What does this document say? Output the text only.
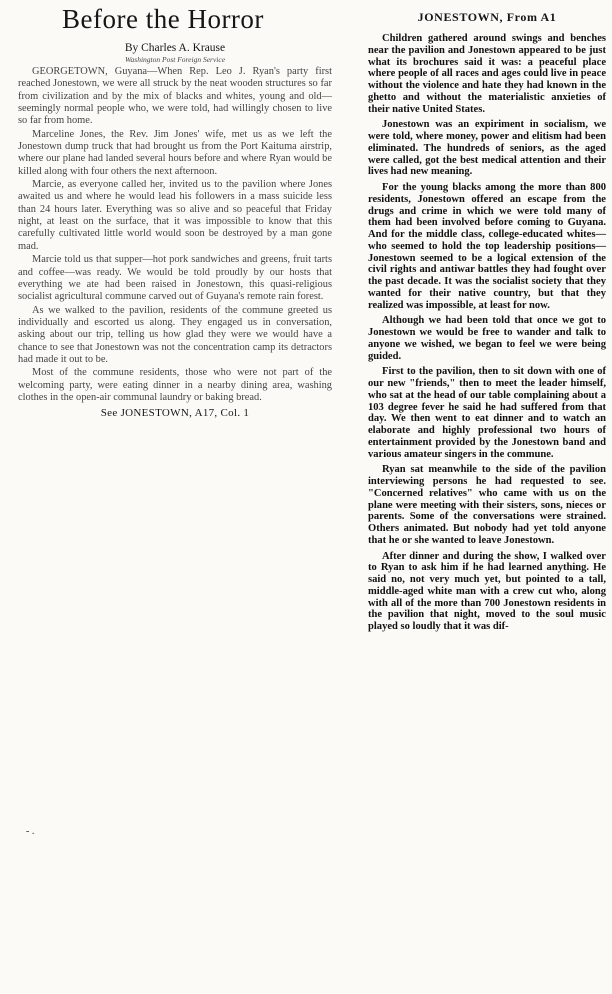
Before the Horror
By Charles A. Krause
Washington Post Foreign Service

GEORGETOWN, Guyana—When Rep. Leo J. Ryan's party first reached Jonestown, we were all struck by the neat wooden structures so far from civilization and by the mix of blacks and whites, young and old—seemingly normal people who, we were told, had willingly chosen to live so far from home.

Marceline Jones, the Rev. Jim Jones' wife, met us as we left the Jonestown dump truck that had brought us from the Port Kaituma airstrip, where our plane had landed several hours before and where Ryan would be killed along with four others the next afternoon.

Marcie, as everyone called her, invited us to the pavilion where Jones awaited us and where he would lead his followers in a mass suicide less than 24 hours later. Everything was so alive and so peaceful that Friday night, at least on the surface, that it was impossible to know that this carefully cultivated little world would soon be destroyed by a man gone mad.

Marcie told us that supper—hot pork sandwiches and greens, fruit tarts and coffee—was ready. We would be told proudly by our hosts that everything we ate had been raised in Jonestown, this quasi-religious socialist agricultural commune carved out of Guyana's remote rain forest.

As we walked to the pavilion, residents of the commune greeted us individually and escorted us along. They engaged us in conversation, asking about our trip, telling us how glad they were we would have a chance to see that Jonestown was not the concentration camp its detractors had made it out to be.

Most of the commune residents, those who were not part of the welcoming party, were eating dinner in a nearby dining area, washing clothes in the open-air communal laundry or baking bread.

See JONESTOWN, A17, Col. 1
- .
JONESTOWN, From A1

Children gathered around swings and benches near the pavilion and Jonestown appeared to be just what its brochures said it was: a peaceful place where people of all races and ages could live in peace without the violence and hate they had known in the ghetto and without the materialistic anxieties of their native United States.

Jonestown was an expiriment in socialism, we were told, where money, power and elitism had been eliminated. The hundreds of seniors, as the aged were called, got the best medical attention and their lives had new meaning.

For the young blacks among the more than 800 residents, Jonestown offered an escape from the drugs and crime in which we were told many of them had been involved before coming to Guyana. And for the middle class, college-educated whites—who seemed to hold the top leadership positions—Jonestown seemed to be a logical extension of the civil rights and antiwar battles they had fought over the past decade. It was the socialist society that they wanted for their native country, but that they realized was impossible, at least for now.

Although we had been told that once we got to Jonestown we would be free to wander and talk to anyone we wished, we began to feel we were being guided.

First to the pavilion, then to sit down with one of our new "friends," then to meet the leader himself, who sat at the head of our table complaining about a 103 degree fever he said he had suffered from that day. We then went to eat dinner and to watch an elaborate and highly professional two hours of entertainment provided by the Jonestown band and various amateur singers in the commune.

Ryan sat meanwhile to the side of the pavilion interviewing persons he had requested to see. "Concerned relatives" who came with us on the plane were meeting with their sisters, sons, nieces or parents. Some of the conversations were strained. Others animated. But nobody had yet told anyone that he or she wanted to leave Jonestown.

After dinner and during the show, I walked over to Ryan to ask him if he had learned anything. He said no, not very much yet, but pointed to a tall, middle-aged white man with a crew cut who, along with all of the more than 700 Jonestown residents in the pavilion that night, moved to the soul music played so loudly that it was dif-
